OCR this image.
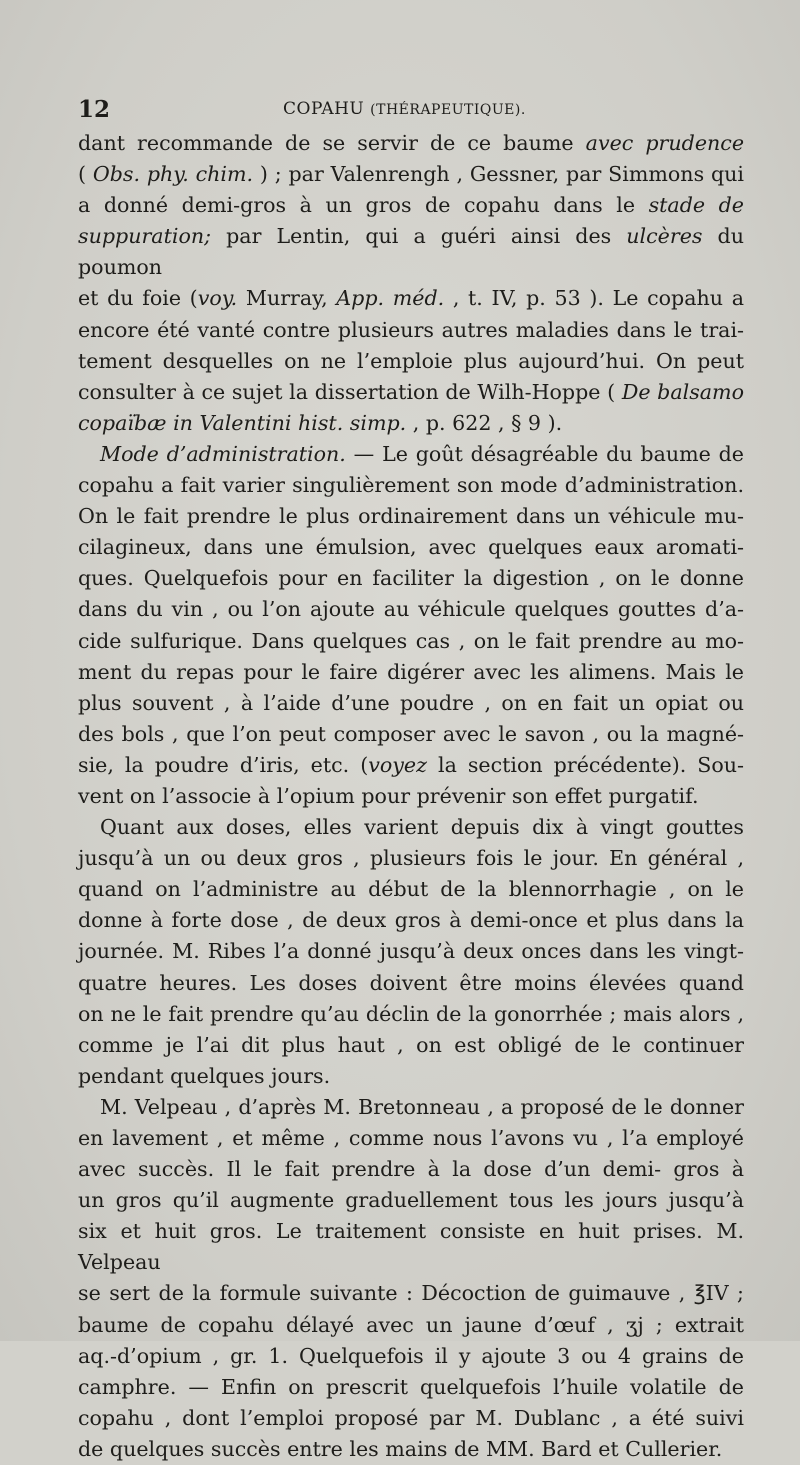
12	COPAHU (THÉRAPEUTIQUE).

dant recommande de se servir de ce baume avec prudence

( Obs. phy. chim. ) ; par Valenrengh , Gessner, par Simmons qui

a donné demi-gros à un gros de copahu dans le stade de

suppuration; par Lentin, qui a guéri ainsi des ulcères du poumon

et du foie (voy. Murray, App. méd. , t. IV, p. 53 ). Le copahu a

encore été vanté contre plusieurs autres maladies dans le trai-

tement desquelles on ne l’emploie plus aujourd’hui. On peut

consulter à ce sujet la dissertation de Wilh-Hoppe ( De balsamo

copaïbæ in Valentini hist. simp. , p. 622 , § 9 ).

Mode d’administration. — Le goût désagréable du baume de

copahu a fait varier singulièrement son mode d’administration.

On le fait prendre le plus ordinairement dans un véhicule mu-

cilagineux, dans une émulsion, avec quelques eaux aromati-

ques. Quelquefois pour en faciliter la digestion , on le donne

dans du vin , ou l’on ajoute au véhicule quelques gouttes d’a-

cide sulfurique. Dans quelques cas , on le fait prendre au mo-

ment du repas pour le faire digérer avec les alimens. Mais le

plus souvent , à l’aide d’une poudre , on en fait un opiat ou

des bols , que l’on peut composer avec le savon , ou la magné-

sie, la poudre d’iris, etc. (voyez la section précédente). Sou-

vent on l’associe à l’opium pour prévenir son effet purgatif.

Quant aux doses, elles varient depuis dix à vingt gouttes

jusqu’à un ou deux gros , plusieurs fois le jour. En général ,

quand on l’administre au début de la blennorrhagie , on le

donne à forte dose , de deux gros à demi-once et plus dans la

journée. M. Ribes l’a donné jusqu’à deux onces dans les vingt-

quatre heures. Les doses doivent être moins élevées quand

on ne le fait prendre qu’au déclin de la gonorrhée ; mais alors ,

comme je l’ai dit plus haut , on est obligé de le continuer

pendant quelques jours.

M. Velpeau , d’après M. Bretonneau , a proposé de le donner

en lavement , et même , comme nous l’avons vu , l’a employé

avec succès. Il le fait prendre à la dose d’un demi- gros à

un gros qu’il augmente graduellement tous les jours jusqu’à

six et huit gros. Le traitement consiste en huit prises. M. Velpeau

se sert de la formule suivante : Décoction de guimauve , ℥IV ;

baume de copahu délayé avec un jaune d’œuf , ʒj ; extrait

aq.-d’opium , gr. 1. Quelquefois il y ajoute 3 ou 4 grains de

camphre. — Enfin on prescrit quelquefois l’huile volatile de

copahu , dont l’emploi proposé par M. Dublanc , a été suivi

de quelques succès entre les mains de MM. Bard et Cullerier.
